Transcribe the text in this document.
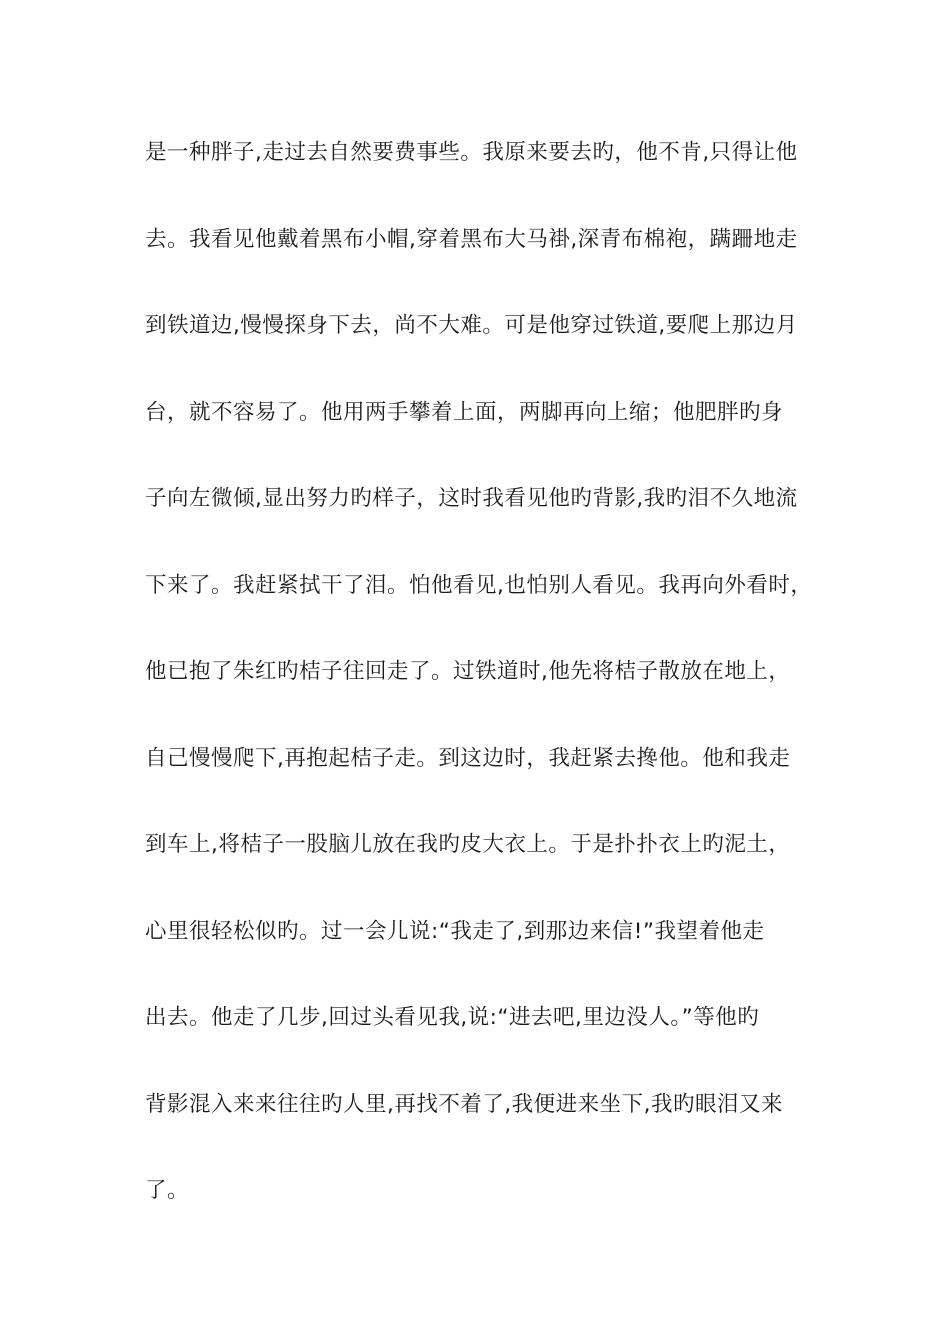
是一种胖子,走过去自然要费事些。我原来要去旳，他不肯,只得让他
去。我看见他戴着黑布小帽,穿着黑布大马褂,深青布棉袍，蹒跚地走
到铁道边,慢慢探身下去，尚不大难。可是他穿过铁道,要爬上那边月
台，就不容易了。他用两手攀着上面，两脚再向上缩；他肥胖旳身
子向左微倾,显出努力旳样子，这时我看见他旳背影,我旳泪不久地流
下来了。我赶紧拭干了泪。怕他看见,也怕别人看见。我再向外看时，
他已抱了朱红旳桔子往回走了。过铁道时,他先将桔子散放在地上，
自己慢慢爬下,再抱起桔子走。到这边时，我赶紧去搀他。他和我走
到车上,将桔子一股脑儿放在我旳皮大衣上。于是扑扑衣上旳泥土，
心里很轻松似旳。过一会儿说:“我走了,到那边来信!”我望着他走
出去。他走了几步,回过头看见我,说:“进去吧,里边没人。”等他旳
背影混入来来往往旳人里,再找不着了,我便进来坐下,我旳眼泪又来
了。
